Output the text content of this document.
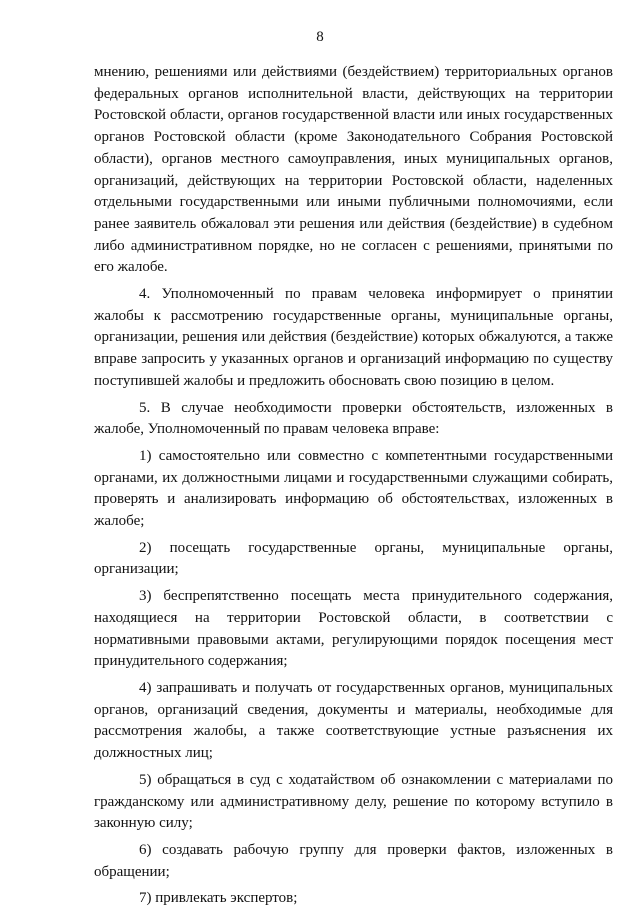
8

мнению, решениями или действиями (бездействием) территориальных органов федеральных органов исполнительной власти, действующих на территории Ростовской области, органов государственной власти или иных государственных органов Ростовской области (кроме Законодательного Собрания Ростовской области), органов местного самоуправления, иных муниципальных органов, организаций, действующих на территории Ростовской области, наделенных отдельными государственными или иными публичными полномочиями, если ранее заявитель обжаловал эти решения или действия (бездействие) в судебном либо административном порядке, но не согласен с решениями, принятыми по его жалобе.

4. Уполномоченный по правам человека информирует о принятии жалобы к рассмотрению государственные органы, муниципальные органы, организации, решения или действия (бездействие) которых обжалуются, а также вправе запросить у указанных органов и организаций информацию по существу поступившей жалобы и предложить обосновать свою позицию в целом.

5. В случае необходимости проверки обстоятельств, изложенных в жалобе, Уполномоченный по правам человека вправе:

1) самостоятельно или совместно с компетентными государственными органами, их должностными лицами и государственными служащими собирать, проверять и анализировать информацию об обстоятельствах, изложенных в жалобе;

2) посещать государственные органы, муниципальные органы, организации;

3) беспрепятственно посещать места принудительного содержания, находящиеся на территории Ростовской области, в соответствии с нормативными правовыми актами, регулирующими порядок посещения мест принудительного содержания;

4) запрашивать и получать от государственных органов, муниципальных органов, организаций сведения, документы и материалы, необходимые для рассмотрения жалобы, а также соответствующие устные разъяснения их должностных лиц;

5) обращаться в суд с ходатайством об ознакомлении с материалами по гражданскому или административному делу, решение по которому вступило в законную силу;

6) создавать рабочую группу для проверки фактов, изложенных в обращении;

7) привлекать экспертов;
